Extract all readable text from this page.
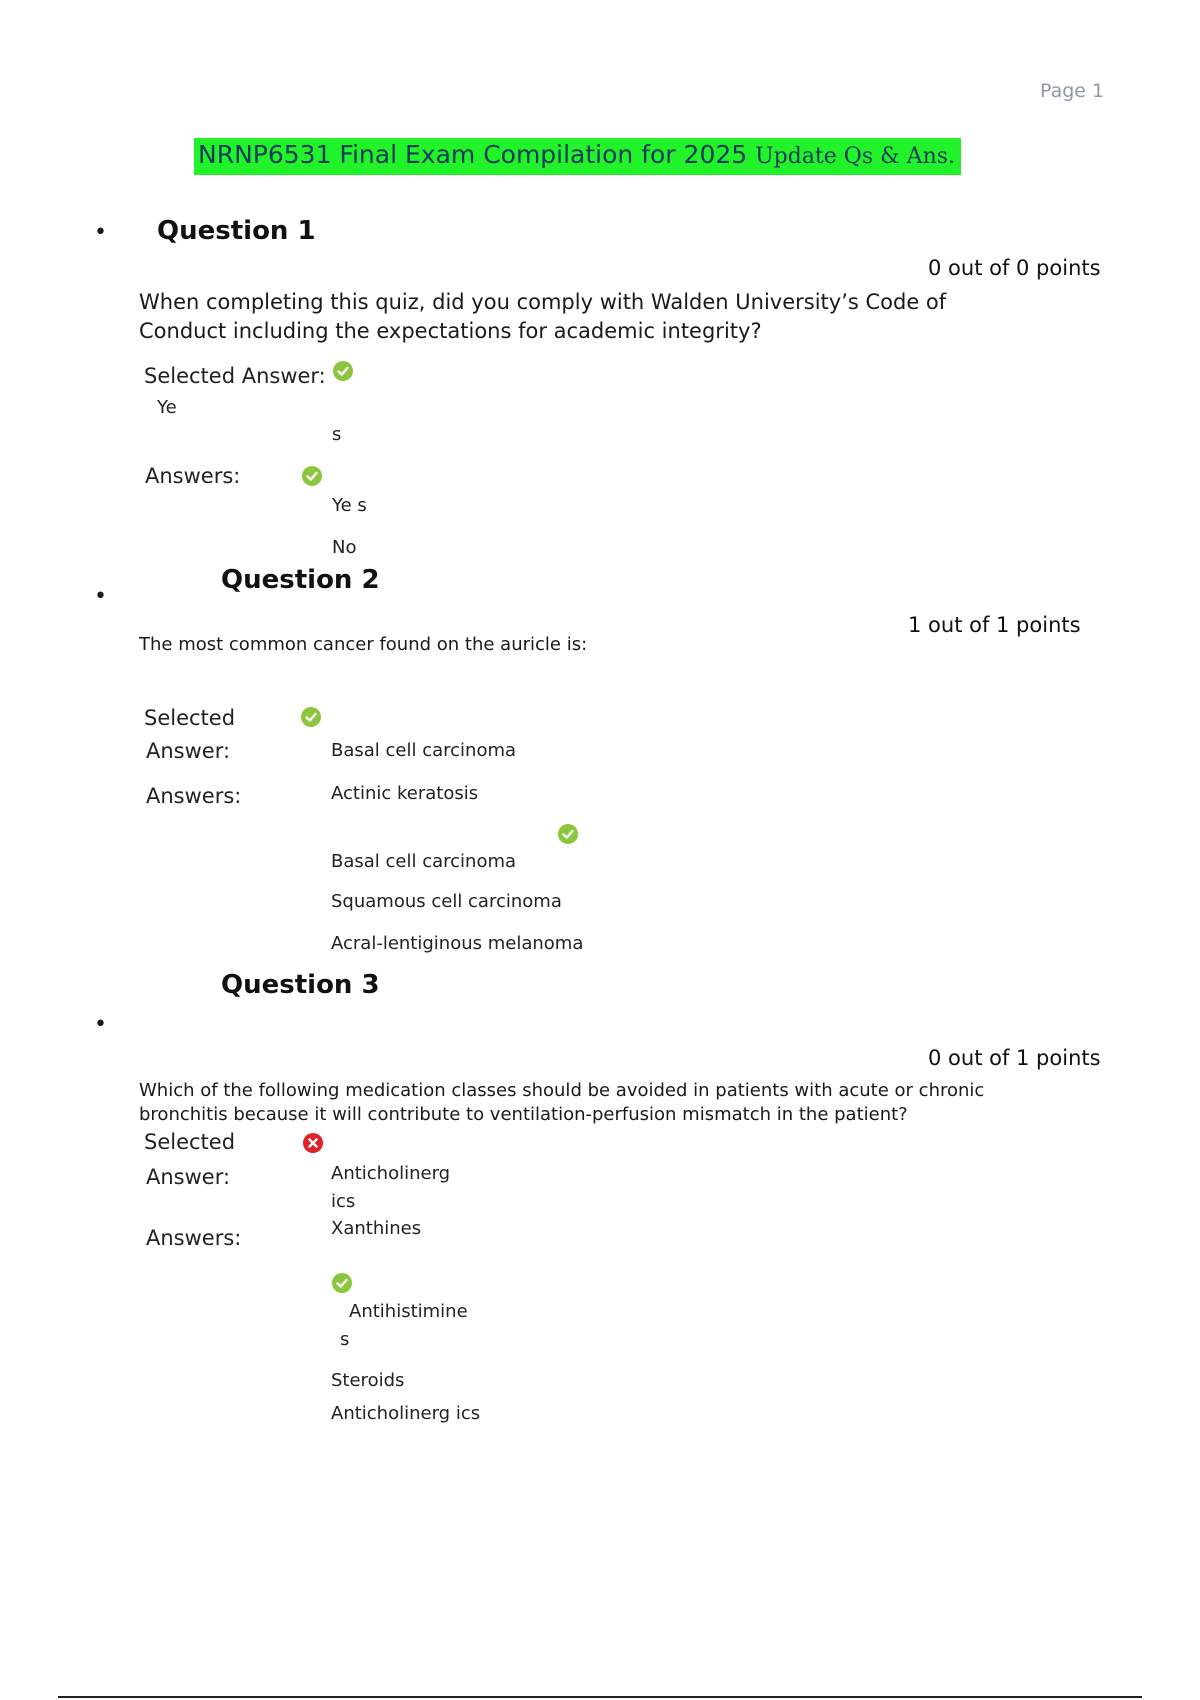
Page 1
NRNP6531 Final Exam Compilation for 2025 Update Qs & Ans.
• Question 1
0 out of 0 points
When completing this quiz, did you comply with Walden University’s Code of
Conduct including the expectations for academic integrity?
Selected Answer:
Ye
s
Answers:
Ye s
No
Question 2
•
1 out of 1 points
The most common cancer found on the auricle is:
Selected
Answer:	Basal cell carcinoma
Answers:	Actinic keratosis
Basal cell carcinoma
Squamous cell carcinoma
Acral-lentiginous melanoma
Question 3
•
0 out of 1 points
Which of the following medication classes should be avoided in patients with acute or chronic bronchitis because it will contribute to ventilation-perfusion mismatch in the patient?
Selected
Answer:	Anticholinerg
ics
Answers:	Xanthines
Antihistimine
s
Steroids
Anticholinerg ics
